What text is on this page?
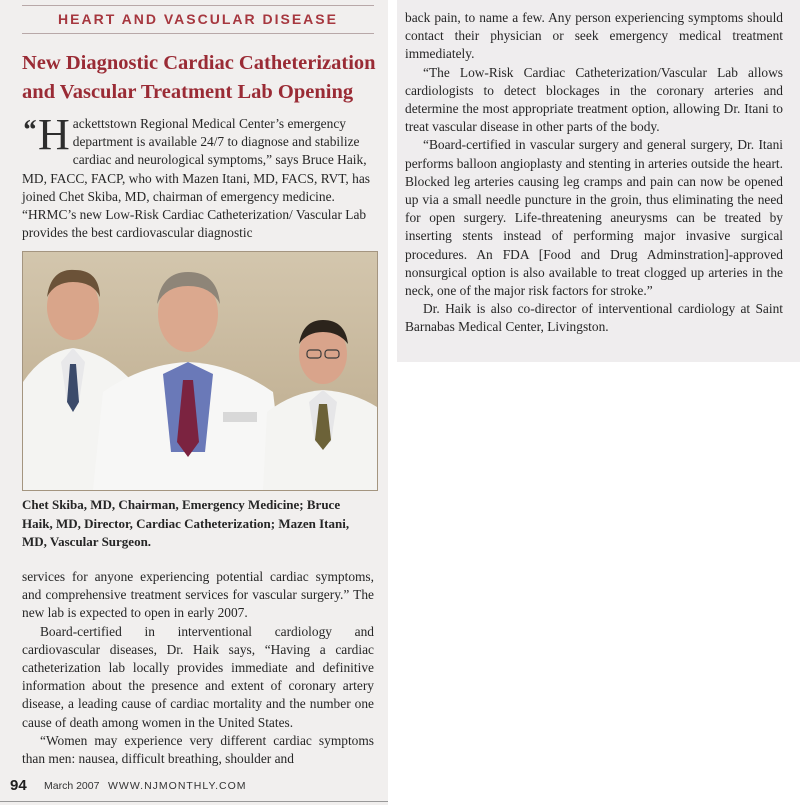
HEART AND VASCULAR DISEASE
New Diagnostic Cardiac Catheterization and Vascular Treatment Lab Opening
“ H ackettstown Regional Medical Center’s emergency department is available 24/7 to diagnose and stabilize cardiac and neurological symptoms,” says Bruce Haik, MD, FACC, FACP, who with Mazen Itani, MD, FACS, RVT, has joined Chet Skiba, MD, chairman of emergency medicine. “HRMC’s new Low-Risk Cardiac Catheterization/ Vascular Lab provides the best cardiovascular diagnostic

Chet Skiba, MD, Chairman, Emergency Medicine; Bruce Haik, MD, Director, Cardiac Catheterization; Mazen Itani, MD, Vascular Surgeon.

services for anyone experiencing potential cardiac symptoms, and comprehensive treatment services for vascular surgery.” The new lab is expected to open in early 2007.

Board-certified in interventional cardiology and cardiovascular diseases, Dr. Haik says, “Having a cardiac catheterization lab locally provides immediate and definitive information about the presence and extent of coronary artery disease, a leading cause of cardiac mortality and the number one cause of death among women in the United States.

“Women may experience very different cardiac symptoms than men: nausea, difficult breathing, shoulder and

94 March 2007 WWW.NJMONTHLY.COM

back pain, to name a few. Any person experiencing symptoms should contact their physician or seek emergency medical treatment immediately.

“The Low-Risk Cardiac Catheterization/Vascular Lab allows cardiologists to detect blockages in the coronary arteries and determine the most appropriate treatment option, allowing Dr. Itani to treat vascular disease in other parts of the body.

“Board-certified in vascular surgery and general surgery, Dr. Itani performs balloon angioplasty and stenting in arteries outside the heart. Blocked leg arteries causing leg cramps and pain can now be opened up via a small needle puncture in the groin, thus eliminating the need for open surgery. Life-threatening aneurysms can be treated by inserting stents instead of performing major invasive surgical procedures. An FDA [Food and Drug Adminstration]-approved nonsurgical option is also available to treat clogged up arteries in the neck, one of the major risk factors for stroke.”

Dr. Haik is also co-director of interventional cardiology at Saint Barnabas Medical Center, Livingston.
